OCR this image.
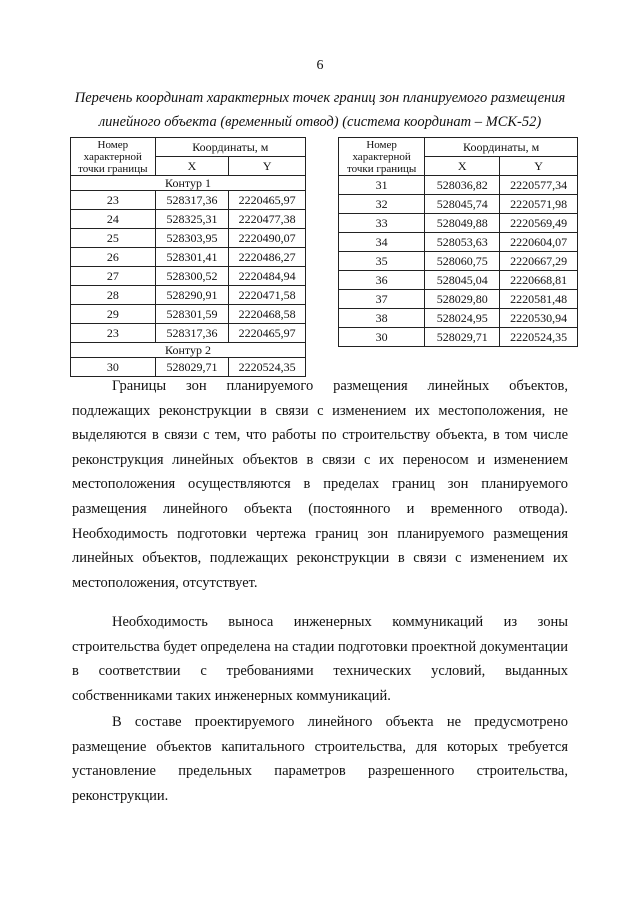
6
Перечень координат характерных точек границ зон планируемого размещения линейного объекта (временный отвод) (система координат – МСК-52)
Номер характерной точки границы	Координаты, м	
	X	Y
Контур 1		
23	528317,36	2220465,97
24	528325,31	2220477,38
25	528303,95	2220490,07
26	528301,41	2220486,27
27	528300,52	2220484,94
28	528290,91	2220471,58
29	528301,59	2220468,58
23	528317,36	2220465,97
Контур 2		
30	528029,71	2220524,35
Номер характерной точки границы	Координаты, м	
	X	Y
31	528036,82	2220577,34
32	528045,74	2220571,98
33	528049,88	2220569,49
34	528053,63	2220604,07
35	528060,75	2220667,29
36	528045,04	2220668,81
37	528029,80	2220581,48
38	528024,95	2220530,94
30	528029,71	2220524,35

Границы зон планируемого размещения линейных объектов, подлежащих реконструкции в связи с изменением их местоположения, не выделяются в связи с тем, что работы по строительству объекта, в том числе реконструкция линейных объектов в связи с их переносом и изменением местоположения осуществляются в пределах границ зон планируемого размещения линейного объекта (постоянного и временного отвода). Необходимость подготовки чертежа границ зон планируемого размещения линейных объектов, подлежащих реконструкции в связи с изменением их местоположения, отсутствует.

Необходимость выноса инженерных коммуникаций из зоны строительства будет определена на стадии подготовки проектной документации в соответствии с требованиями технических условий, выданных собственниками таких инженерных коммуникаций.

В составе проектируемого линейного объекта не предусмотрено размещение объектов капитального строительства, для которых требуется установление предельных параметров разрешенного строительства, реконструкции.
